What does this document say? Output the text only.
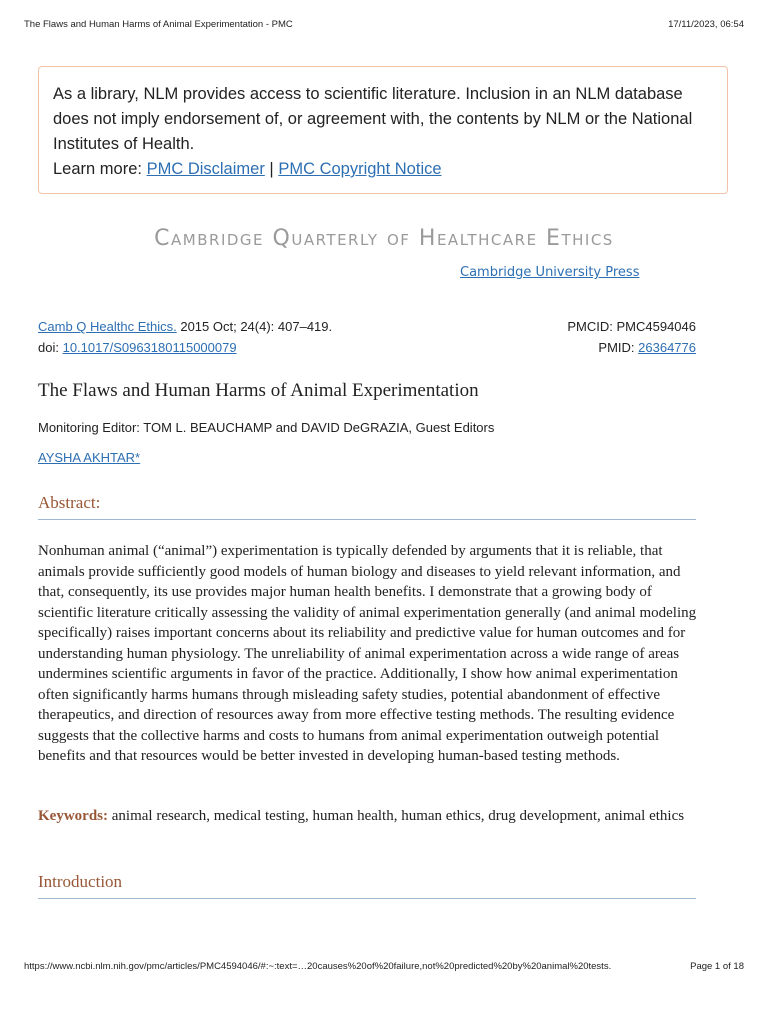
The Flaws and Human Harms of Animal Experimentation - PMC	17/11/2023, 06:54
As a library, NLM provides access to scientific literature. Inclusion in an NLM database does not imply endorsement of, or agreement with, the contents by NLM or the National Institutes of Health.
Learn more: PMC Disclaimer | PMC Copyright Notice
Cambridge Quarterly of Healthcare Ethics
Cambridge University Press
Camb Q Healthc Ethics. 2015 Oct; 24(4): 407–419.	PMCID: PMC4594046
doi: 10.1017/S0963180115000079	PMID: 26364776
The Flaws and Human Harms of Animal Experimentation
Monitoring Editor: TOM L. BEAUCHAMP and DAVID DeGRAZIA, Guest Editors
AYSHA AKHTAR*
Abstract:

Nonhuman animal (“animal”) experimentation is typically defended by arguments that it is reliable, that animals provide sufficiently good models of human biology and diseases to yield relevant information, and that, consequently, its use provides major human health benefits. I demonstrate that a growing body of scientific literature critically assessing the validity of animal experimentation generally (and animal modeling specifically) raises important concerns about its reliability and predictive value for human outcomes and for understanding human physiology. The unreliability of animal experimentation across a wide range of areas undermines scientific arguments in favor of the practice. Additionally, I show how animal experimentation often significantly harms humans through misleading safety studies, potential abandonment of effective therapeutics, and direction of resources away from more effective testing methods. The resulting evidence suggests that the collective harms and costs to humans from animal experimentation outweigh potential benefits and that resources would be better invested in developing human-based testing methods.

Keywords: animal research, medical testing, human health, human ethics, drug development, animal ethics

Introduction
https://www.ncbi.nlm.nih.gov/pmc/articles/PMC4594046/#:~:text=…20causes%20of%20failure,not%20predicted%20by%20animal%20tests.	Page 1 of 18
